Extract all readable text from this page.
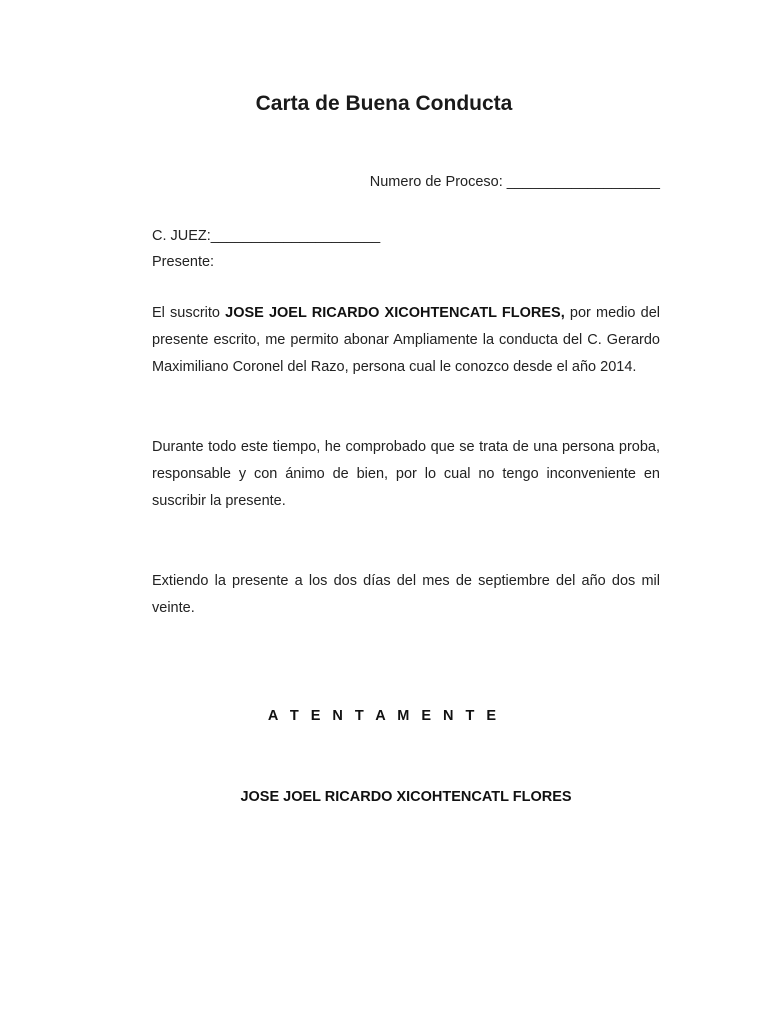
Carta de Buena Conducta
Numero de Proceso: ___________________
C. JUEZ:_____________________
Presente:

El suscrito JOSE JOEL RICARDO XICOHTENCATL FLORES, por medio del presente escrito, me permito abonar Ampliamente la conducta del C. Gerardo Maximiliano Coronel del Razo, persona cual le conozco desde el año 2014.

Durante todo este tiempo, he comprobado que se trata de una persona proba, responsable y con ánimo de bien, por lo cual no tengo inconveniente en suscribir la presente.

Extiendo la presente a los dos días del mes de septiembre del año dos mil veinte.

A T E N T A M E N T E
JOSE JOEL RICARDO XICOHTENCATL FLORES
